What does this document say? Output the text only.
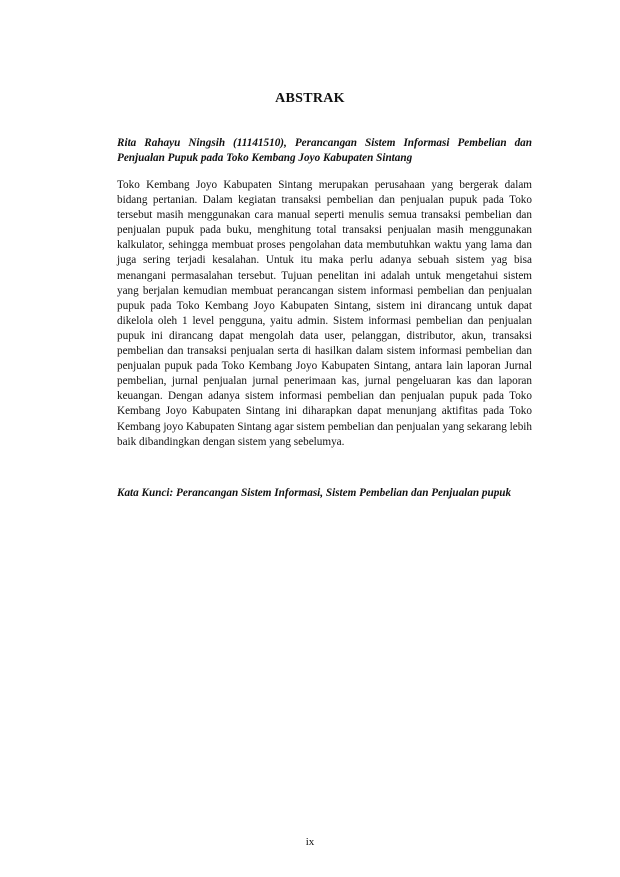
ABSTRAK

Rita Rahayu Ningsih (11141510), Perancangan Sistem Informasi Pembelian dan Penjualan Pupuk pada Toko Kembang Joyo Kabupaten Sintang

Toko Kembang Joyo Kabupaten Sintang merupakan perusahaan yang bergerak dalam bidang pertanian. Dalam kegiatan transaksi pembelian dan penjualan pupuk pada Toko tersebut masih menggunakan cara manual seperti menulis semua transaksi pembelian dan penjualan pupuk pada buku, menghitung total transaksi penjualan masih menggunakan kalkulator, sehingga membuat proses pengolahan data membutuhkan waktu yang lama dan juga sering terjadi kesalahan. Untuk itu maka perlu adanya sebuah sistem yag bisa menangani permasalahan tersebut. Tujuan penelitan ini adalah untuk mengetahui sistem yang berjalan kemudian membuat perancangan sistem informasi pembelian dan penjualan pupuk pada Toko Kembang Joyo Kabupaten Sintang, sistem ini dirancang untuk dapat dikelola oleh 1 level pengguna, yaitu admin. Sistem informasi pembelian dan penjualan pupuk ini dirancang dapat mengolah data user, pelanggan, distributor, akun, transaksi pembelian dan transaksi penjualan serta di hasilkan dalam sistem informasi pembelian dan penjualan pupuk pada Toko Kembang Joyo Kabupaten Sintang, antara lain laporan Jurnal pembelian, jurnal penjualan jurnal penerimaan kas, jurnal pengeluaran kas dan laporan keuangan. Dengan adanya sistem informasi pembelian dan penjualan pupuk pada Toko Kembang Joyo Kabupaten Sintang ini diharapkan dapat menunjang aktifitas pada Toko Kembang joyo Kabupaten Sintang agar sistem pembelian dan penjualan yang sekarang lebih baik dibandingkan dengan sistem yang sebelumya.

Kata Kunci: Perancangan Sistem Informasi, Sistem Pembelian dan Penjualan pupuk

ix
